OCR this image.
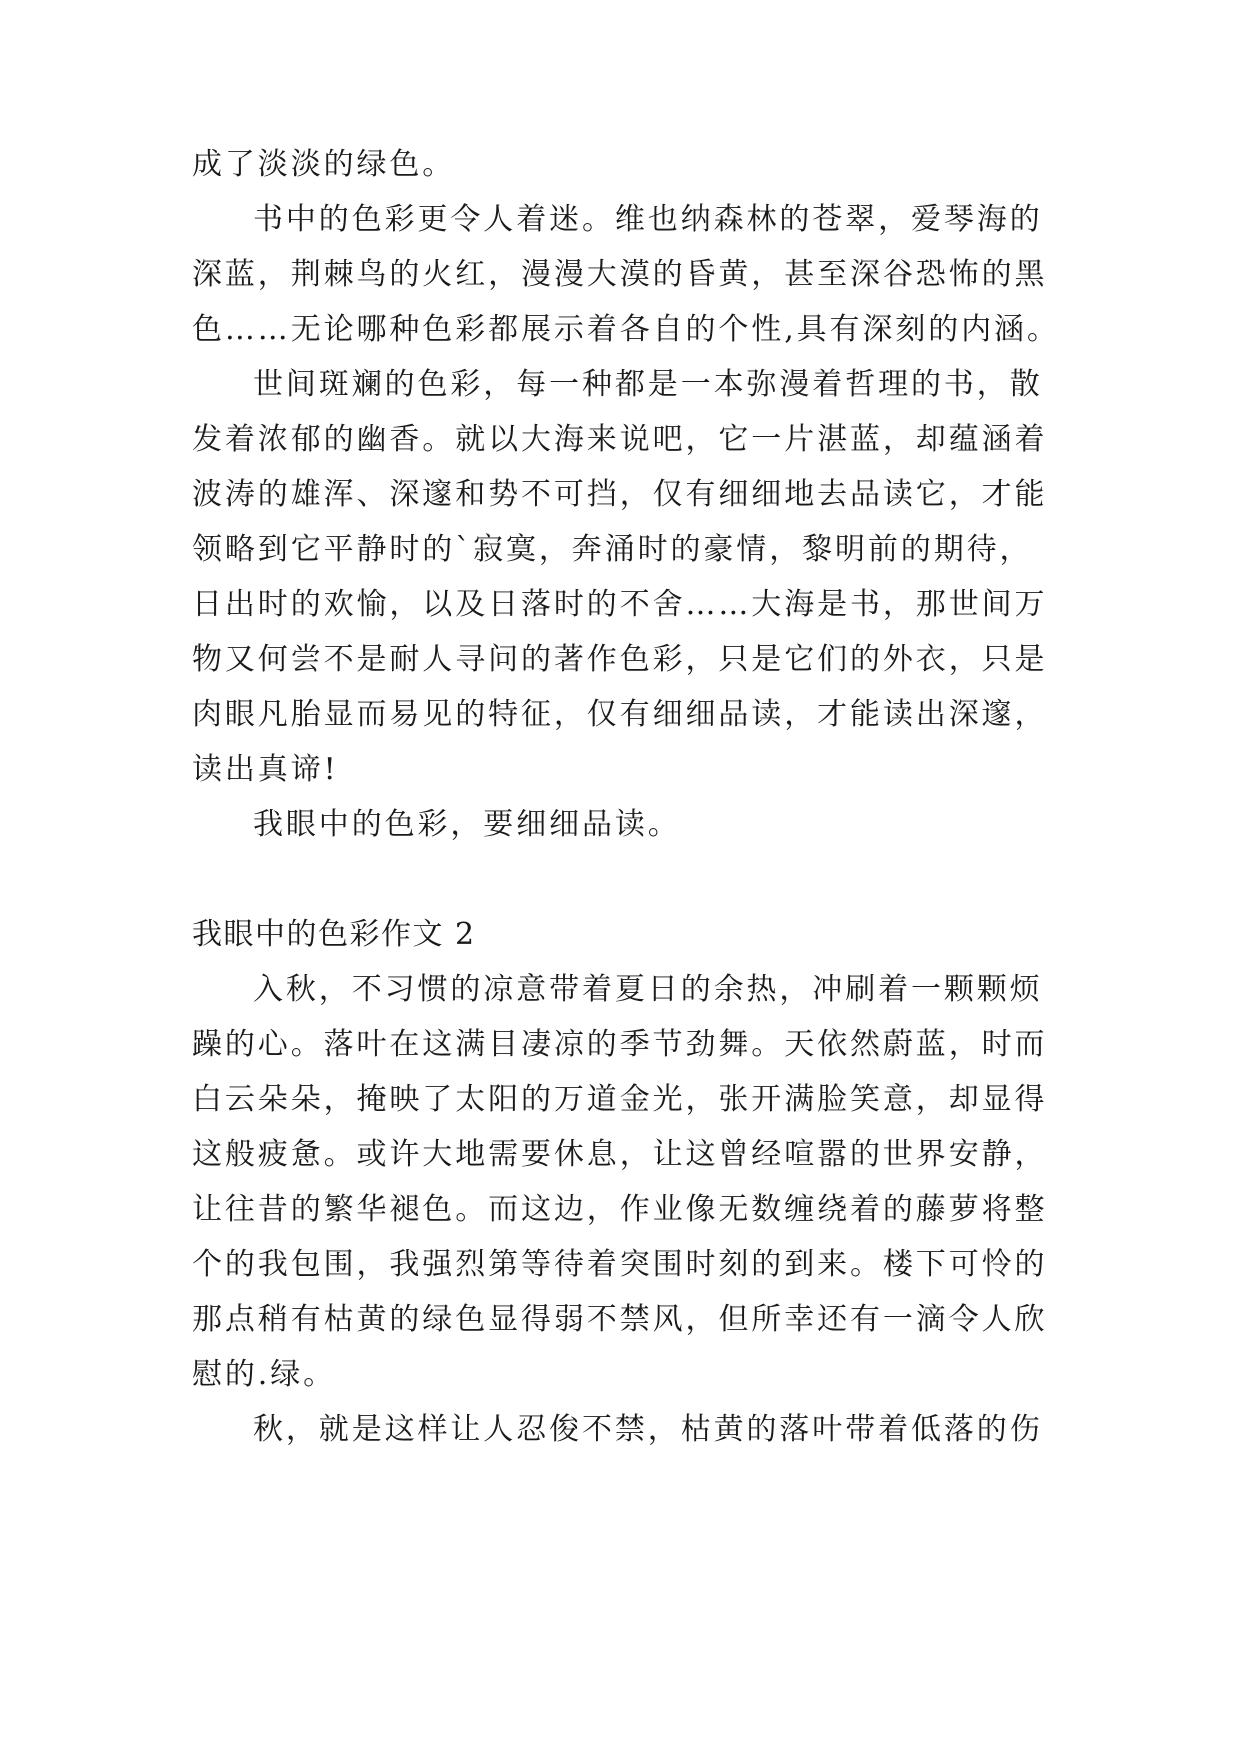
成了淡淡的绿色。
书中的色彩更令人着迷。维也纳森林的苍翠，爱琴海的
深蓝，荆棘鸟的火红，漫漫大漠的昏黄，甚至深谷恐怖的黑
色……无论哪种色彩都展示着各自的个性,具有深刻的内涵。
世间斑斓的色彩，每一种都是一本弥漫着哲理的书，散
发着浓郁的幽香。就以大海来说吧，它一片湛蓝，却蕴涵着
波涛的雄浑、深邃和势不可挡，仅有细细地去品读它，才能
领略到它平静时的`寂寞，奔涌时的豪情，黎明前的期待，
日出时的欢愉，以及日落时的不舍……大海是书，那世间万
物又何尝不是耐人寻问的著作色彩，只是它们的外衣，只是
肉眼凡胎显而易见的特征，仅有细细品读，才能读出深邃，
读出真谛!
我眼中的色彩，要细细品读。
我眼中的色彩作文 2
入秋，不习惯的凉意带着夏日的余热，冲刷着一颗颗烦
躁的心。落叶在这满目凄凉的季节劲舞。天依然蔚蓝，时而
白云朵朵，掩映了太阳的万道金光，张开满脸笑意，却显得
这般疲惫。或许大地需要休息，让这曾经喧嚣的世界安静，
让往昔的繁华褪色。而这边，作业像无数缠绕着的藤萝将整
个的我包围，我强烈第等待着突围时刻的到来。楼下可怜的
那点稍有枯黄的绿色显得弱不禁风，但所幸还有一滴令人欣
慰的.绿。
秋，就是这样让人忍俊不禁，枯黄的落叶带着低落的伤
